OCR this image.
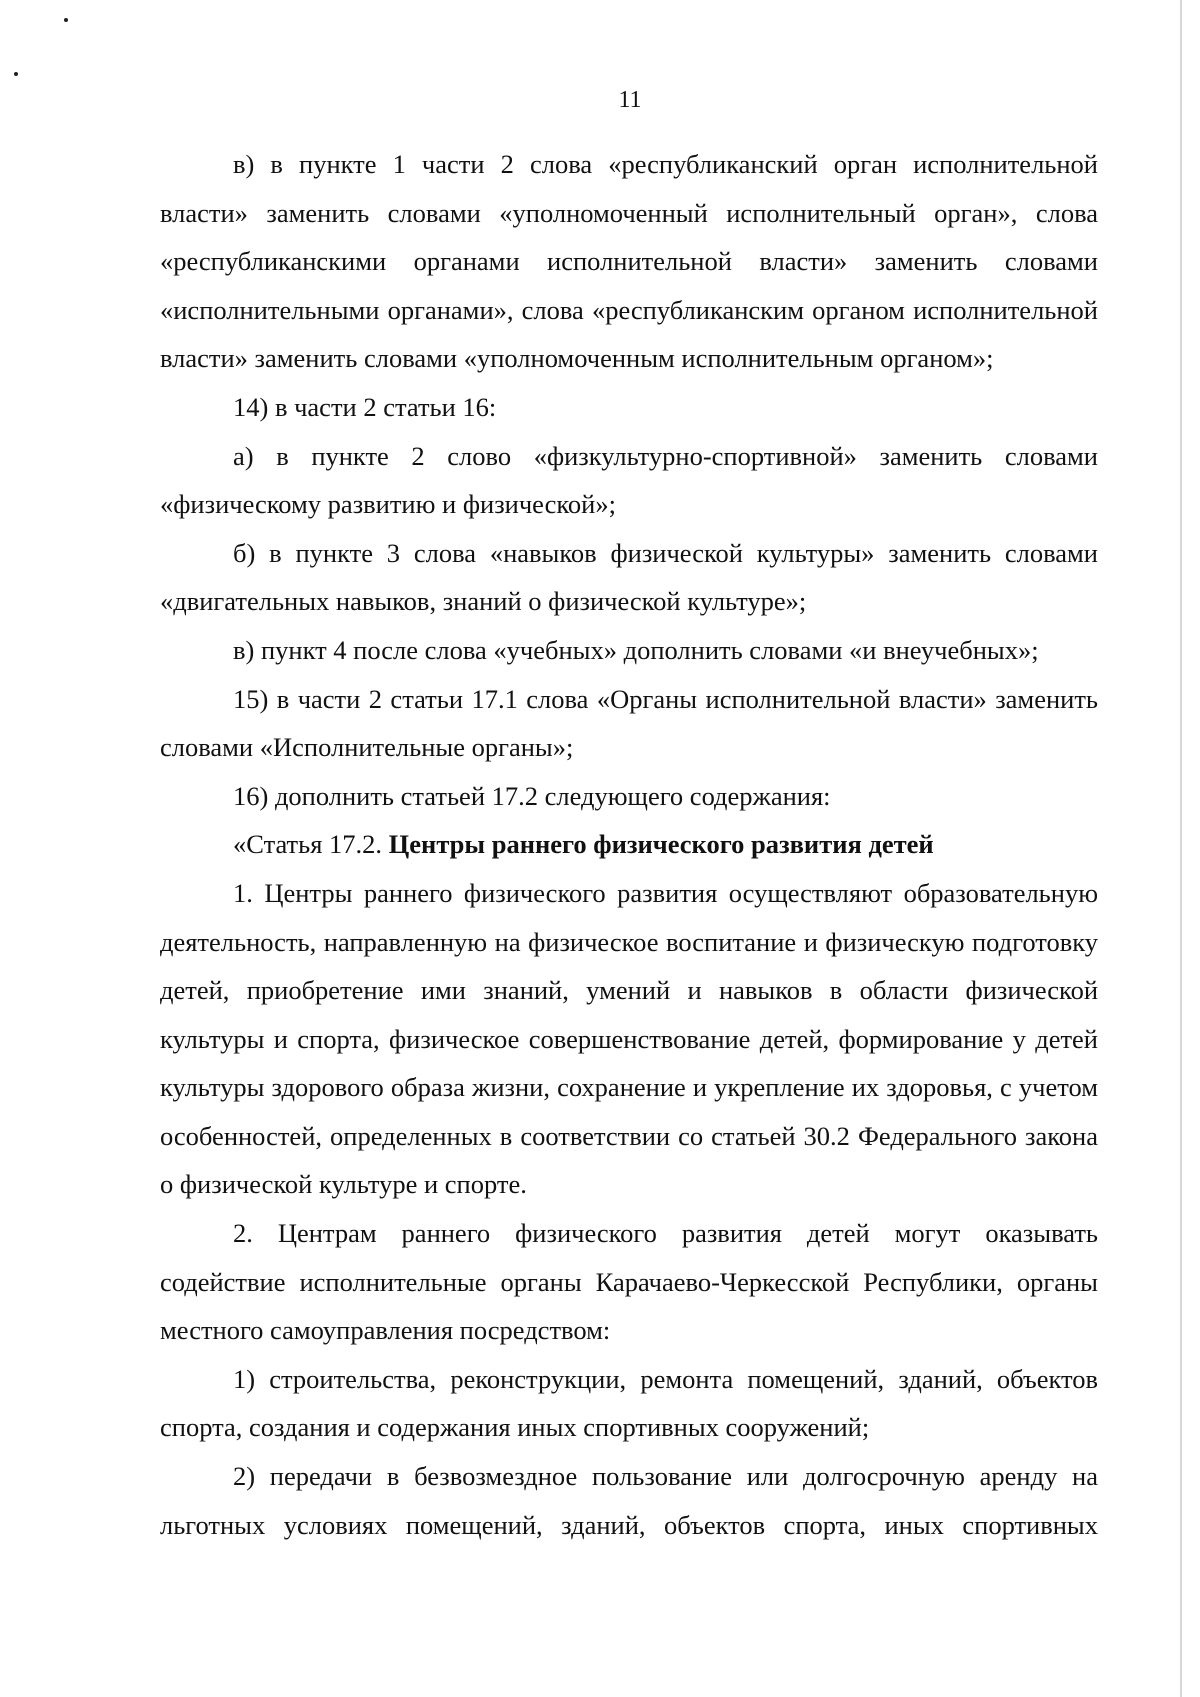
11

в) в пункте 1 части 2 слова «республиканский орган исполнительной власти» заменить словами «уполномоченный исполнительный орган», слова «республиканскими органами исполнительной власти» заменить словами «исполнительными органами», слова «республиканским органом исполнительной власти» заменить словами «уполномоченным исполнительным органом»;

14) в части 2 статьи 16:

а) в пункте 2 слово «физкультурно-спортивной» заменить словами «физическому развитию и физической»;

б) в пункте 3 слова «навыков физической культуры» заменить словами «двигательных навыков, знаний о физической культуре»;

в) пункт 4 после слова «учебных» дополнить словами «и внеучебных»;

15) в части 2 статьи 17.1 слова «Органы исполнительной власти» заменить словами «Исполнительные органы»;

16) дополнить статьей 17.2 следующего содержания:

«Статья 17.2. Центры раннего физического развития детей

1. Центры раннего физического развития осуществляют образовательную деятельность, направленную на физическое воспитание и физическую подготовку детей, приобретение ими знаний, умений и навыков в области физической культуры и спорта, физическое совершенствование детей, формирование у детей культуры здорового образа жизни, сохранение и укрепление их здоровья, с учетом особенностей, определенных в соответствии со статьей 30.2 Федерального закона о физической культуре и спорте.

2. Центрам раннего физического развития детей могут оказывать содействие исполнительные органы Карачаево-Черкесской Республики, органы местного самоуправления посредством:

1) строительства, реконструкции, ремонта помещений, зданий, объектов спорта, создания и содержания иных спортивных сооружений;

2) передачи в безвозмездное пользование или долгосрочную аренду на льготных условиях помещений, зданий, объектов спорта, иных спортивных
